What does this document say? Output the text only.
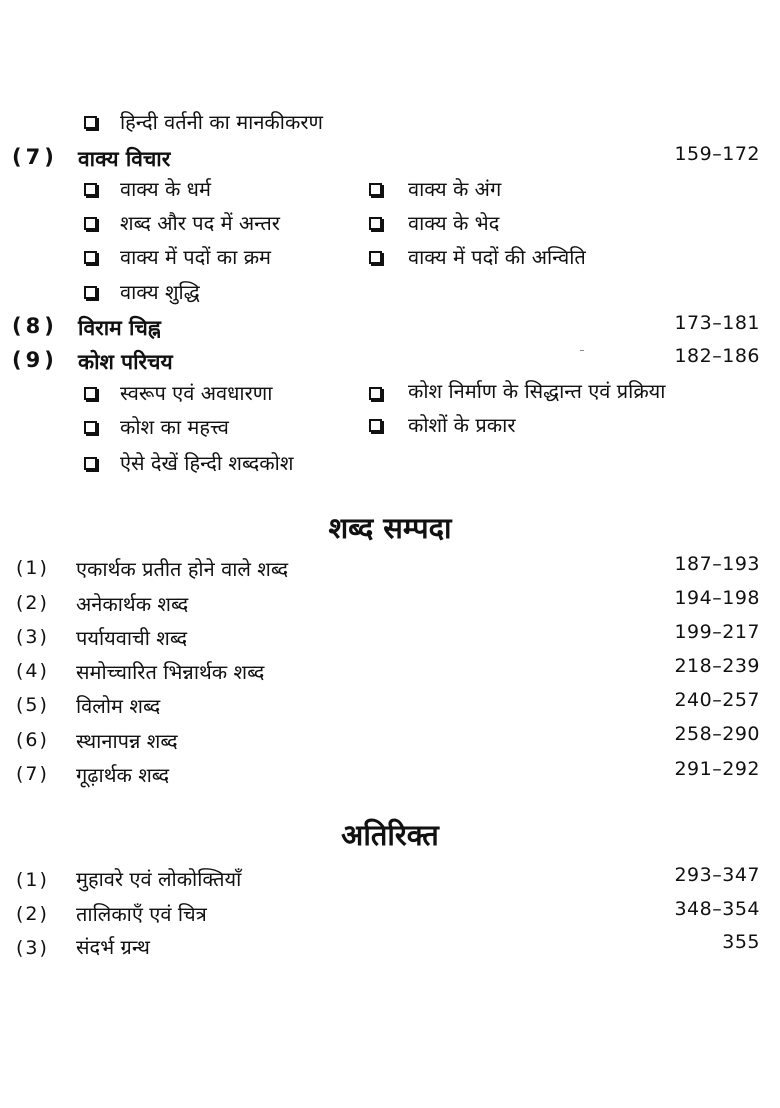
हिन्दी वर्तनी का मानकीकरण
(7) वाक्य विचार	159–172
वाक्य के धर्म	वाक्य के अंग
शब्द और पद में अन्तर	वाक्य के भेद
वाक्य में पदों का क्रम	वाक्य में पदों की अन्विति
वाक्य शुद्धि
(8) विराम चिह्न	173–181
(9) कोश परिचय	182–186
स्वरूप एवं अवधारणा	कोश निर्माण के सिद्धान्त एवं प्रक्रिया
कोश का महत्त्व	कोशों के प्रकार
ऐसे देखें हिन्दी शब्दकोश
शब्द सम्पदा
(1) एकार्थक प्रतीत होने वाले शब्द	187–193
(2) अनेकार्थक शब्द	194–198
(3) पर्यायवाची शब्द	199–217
(4) समोच्चारित भिन्नार्थक शब्द	218–239
(5) विलोम शब्द	240–257
(6) स्थानापन्न शब्द	258–290
(7) गूढ़ार्थक शब्द	291–292
अतिरिक्त
(1) मुहावरे एवं लोकोक्तियाँ	293–347
(2) तालिकाएँ एवं चित्र	348–354
(3) संदर्भ ग्रन्थ	355
